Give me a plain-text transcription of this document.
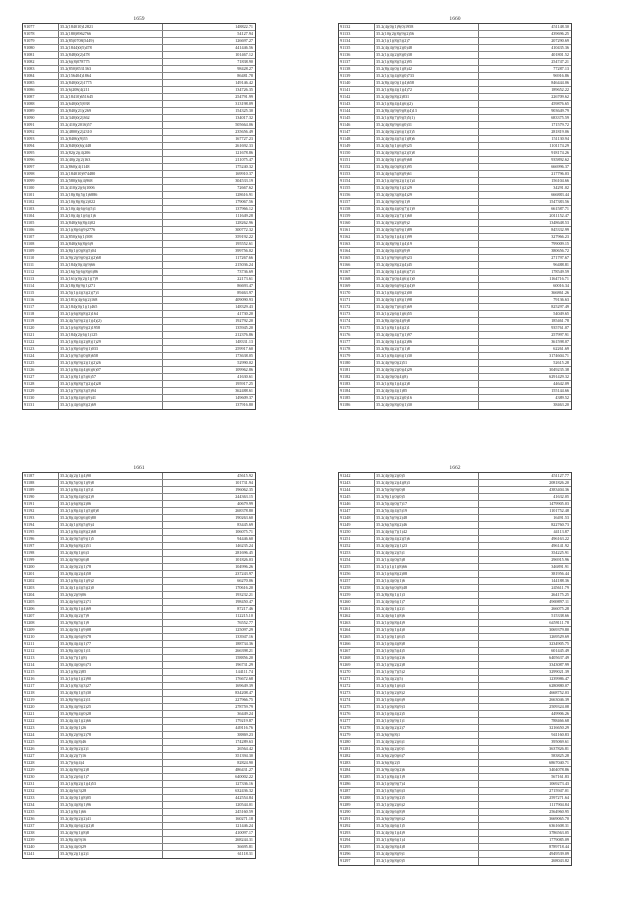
1659
91077	35.2(184010)12821	148822.71
91078	35.2(180)8962766	54127.94
91079	35.2(85)0708(5449)	126697.27
91080	35.2(1844)0(5)478	441446.56
91081	35.2(848)0(2)478	101467.12
91082	35.2(6)(8)078775	71838.90
91083	35.2(850)8531363	98428.27
91084	35.2(156404)1864	86481.78
91085	35.2(840)0(2)1775	149146.42
91086	35.2(6)208(4(211	134726.35
91087	35.2(18410)651645	254791.99
91088	35.2(640)0(5)938	313198.09
91089	35.2(840)(21)(269	154325.30
91090	35.2(340)0(2)362	134017.32
91091	35.2(410)(2016)57	505664.06
91092	35.2(4800)(2)2310	235656.49
91093	35.2(8406)(9)55	167727.23
91094	35.2(840)0(6)(448	261692.33
91095	35.2(82)(2)(4)206	121678.86
91096	35.2(40)(2)(2)163	211075.47
91097	35.2(860)(4)1148	175240.32
91098	35.2(184010)974480	169910.37
91099	35.2(580)(6)(4)968	304533.19
91100	35.2(410)(2)(6)1006	72667.62
91101	35.2(18)(8)(5)(1)6886	128616.91
91102	35.2(10)(8)(8)(2)022	179067.56
91103	35.2(10)(4)(6)(6)(5)1	137966.12
91104	35.2(10)(4)(1)(6)(1)6	111649.28
91105	35.2(840)(6)(8)(4)02	128262.96
91106	35.2(1)(8)(6)(9)2776	300772.32
91107	35.2(850)(6)(1)508	359192.22
91108	35.2(840)(6)(8)(6)9	195552.61
91109	35.2(8)(1)(0)(8)(5)04	399756.02
91110	35.2(9)(2)(9)(0)(2)(2)68	117267.66
91111	35.2(184)(0)(4)(9)66	215036.24
91112	35.2(16)(5)(6)(8)(6)86	73736.69
91113	35.2(161)(0)(2)(1)(7)9	22173.61
91114	35.2(18)(8)(9)(1)271	86693.47
91115	35.2(5)(1)(4)(3)(2)(7)3	89463.97
91116	35.2(181)(4)(6)(2)168	409090.93
91117	35.2(184)(0)(1)(1)465	148329.43
91118	35.2(1)(6)(8)(8)(2)164	41730.20
91119	35.2(4)(5)(9)(2)(1)(4)(2)	192792.20
91120	35.2(1)(6)(8)(9)(2)1958	135945.20
91121	35.2(184)(2)(6)(1)125	212376.86
91122	35.2(1)(8)(4)(2)(8)(1)29	148331.13
91123	35.2(1)(8)(6)(9)(1)033	259917.60
91124	35.2(1)(9)(5)(0)(8)658	173638.05
91125	35.2(1)(8)(9)(2)(1)(2)26	52990.02
91126	35.2(1)(8)(4)(4)(6)(6)07	109962.86
91127	35.2(1)(8)(1)(5)(6)57	41630.61
91128	35.2(1)(8)(8)(7)(2)(4)28	195917.25
91129	35.2(1)(7)(8)(3)(5)94	362488.61
91130	35.2(1)(8)(4)(6)(9)41	149609.37
91131	35.2(1)(4)(6)(8)(2)69	137916.80
1660
91132	35.2(4)(0)(1)9(0)1958	451148.30
91133	35.2(10)(2)(8)(9)(2)56	439696.25
91134	35.2(1)(1)(8)(5)(2)7	207290.69
91135	35.2(4)(4)(9)(2)(0)48	410435.36
91136	35.2(1)(4)(2)(8)(0)38	401801.52
91137	35.2(1)(8)(8)(5)(2)95	254747.21
91138	35.2(8)(4)(0)(1)(8)42	77287.13
91139	35.2(1)(3)(4)(8)(0)733	96916.86
91140	35.2(8)(4)(0)(1)(4)658	846444.06
91141	35.2(1)(8)(4)(1)(4)72	189652.22
91142	35.2(4)(0)(8)(2)831	226709.62
91143	35.2(1)(8)(4)(4)(6)(2)	459876.65
91144	35.2(8)(4)(9)(9)(8)(4)13	903649.79
91145	35.2(1)(8)(7)(9)(5)5(1)	683375.59
91146	35.2(4)(8)(9)(6)(0)31	171579.72
91147	35.2(4)(0)(2)(6)(1)(3)5	281819.06
91148	35.2(4)(0)(4)(5)(1)(8)6	151130.94
91149	35.2(4)(5)(1)(6)(9)25	1101174.29
91150	35.2(4)(0)(8)(5)(2)(5)8	918174.26
91151	35.2(4)(0)(1)(6)(9)68	935892.62
91152	35.2(8)(4)(0)(8)(3)95	666996.37
91153	35.2(4)(6)(5)(8)(9)61	217796.03
91154	35.2(1)(4)(9)(2)(1)(1)4	156104.66
91155	35.2(4)(0)(8)(1)(2)29	34291.02
91156	35.2(4)(0)(3)(8)(4)29	666883.44
91157	35.2(4)(9)(0)(9)(1)9	1547383.56
91158	35.2(4)(8)(4)(0)(7)(1)9	661587.71
91159	35.2(4)(0)(2)(7)(1)60	2011152.47
91160	35.2(4)(9)(2)(8)(9)2	1348648.53
91161	35.2(4)(0)(5)(9)(1)89	845332.99
91162	35.2(5)(0)(1)(4)(1)99	327966.23
91163	35.2(4)(8)(9)(1)(4)19	799009.15
91164	35.2(4)(0)(4)(8)(9)9	380656.72
91165	35.2(1)(9)(9)(6)(9)23	271797.67
91166	35.2(4)(0)(8)(2)(4)45	96488.81
91167	35.2(4)(0)(1)(4)(6)(7)3	178549.59
91168	35.2(4)(7)(0)(4)(6)(1)0	1164716.71
91169	35.2(4)(0)(6)(9)(2)(4)9	60016.34
91170	35.2(1)(8)(4)(9)(2)00	366861.26
91171	35.2(4)(0)(1)(8)(1)98	79136.63
91172	35.2(4)(0)(7)(6)(5)69	825297.49
91173	35.2(1)(2)(6)(1)(6)55	54049.65
91174	35.2(8)(4)(0)(4)(9)8	185461.78
91175	35.2(1)(8)(1)(4)(2)1	935761.07
91176	35.2(4)(0)(4)(7)(1)97	257997.91
91177	35.2(4)(0)(1)(4)(2)86	361598.07
91178	35.2(8)(4)(2)(7)(1)8	62261.69
91179	35.2(1)(8)(4)(6)(1)30	3174604.71
91180	35.2(4)(9)(0)(2)51	52615.28
91181	35.2(4)(0)(2)(0)(4)29	3049235.38
91182	35.2(4)(0)(0)(4)(8)	6291429.32
91183	35.2(1)(8)(1)(4)(2)8	44642.09
91184	35.2(4)(0)(4)(1)85	155144.66
91185	35.2(1)(9)(2)(2)(0)16	4389.52
91186	35.2(4)(0)(8)(0)(1)30	38463.20
1661
91187	35.2(4)(2)(1)(4)90	45615.92
91188	35.2(8)(5)(0)(1)(9)8	101731.94
91189	35.2(1)(8)(4)(1)(5)1	196062.35
91190	35.2(5)(8)(4)(0)(2)9	244363.15
91191	35.2(1)(6)(8)(2)06	40679.99
91192	35.2(1)(8)(4)(1)(5)(0)8	268378.80
91193	35.2(8)(4)(0)(6)(0)80	190263.60
91194	35.2(4)(1)(8)(5)(9)4	83445.69
91195	35.2(1)(8)(4)(8)(2)68	106075.71
91196	35.2(4)(0)(5)(9)(1)5	94446.60
91197	35.2(8)(6)(8)(2)51	146235.24
91198	35.2(4)(8)(1)(6)3	281696.45
91199	35.2(4)(9)(0)(6)8	101826.03
91200	35.2(4)(0)(2)(1)78	104996.26
91201	35.2(8)(4)(2)(4)58	237243.97
91202	35.2(1)(8)(4)(1)(9)2	66270.06
91203	35.2(4)(1)(4)(5)(2)0	170616.20
91204	35.2(6)(2)(9)06	193232.21
91205	35.2(4)(6)(9)(2)71	198450.47
91206	35.2(4)(8)(1)(4)69	87217.46
91207	35.2(8)(4)(2)(7)9	112215.10
91208	35.2(9)(8)(5)(1)9	76552.77
91209	35.2(4)(0)(1)(9)08	125097.29
91210	35.2(8)(4)(6)(9)78	133947.16
91211	35.2(8)(4)(4)(1)77	188734.36
91212	35.2(8)(4)(0)(1)11	266398.21
91213	35.2(6)(7)(1)(8)	158856.20
91214	35.2(8)(4)(0)(6)73	196731.29
91215	35.2(1)(8)(2)85	144111.74
91216	35.2(1)(6)(1)(2)90	176672.68
91217	35.2(1)(8)(3)(3)27	169649.39
91218	35.2(4)(8)(1)(5)30	834208.47
91219	35.2(8)(9)(6)(2)11	227966.75
91220	35.2(8)(4)(9)(2)25	278759.79
91221	35.2(8)(9)(4)(0)28	36449.24
91222	35.2(4)(4)(1)(2)66	179219.87
91223	35.2(4)(0)(1)26	449116.76
91224	35.2(8)(2)(9)(2)78	38869.23
91225	35.2(8)(4)(8)46	174289.63
91226	35.2(4)(0)(2)(2)1	26564.42
91227	35.2(4)(2)(7)16	351394.30
91228	35.2(7)(6)(4)4	82824.90
91229	35.2(4)(8)(9)(2)8	486431.27
91230	35.2(5)(2)(6)(1)7	640002.22
91231	35.2(1)(8)(2)(1)(4)53	127336.16
91232	35.2(4)(6)(3)28	632436.32
91233	35.2(4)(0)(1)(8)05	442554.84
91234	35.2(5)(4)(8)(1)96	120544.01
91235	35.2(1)(8)(1)66	245160.59
91236	35.2(4)(0)(2)(2)41	160271.18
91237	35.2(8)(4)(6)(2)(2)8	121446.24
91238	35.2(4)(9)(1)(8)8	410097.17
91239	35.2(8)(4)(9)16	268244.31
91240	35.2(6)(4)(0)29	36695.81
91241	35.2(9)(2)(1)(2)1	61118.31
1662
91242	35.2(4)(0)(2)(0)5	451127.77
91243	35.2(4)(0)(2)(4)(8)3	2081826.20
91244	35.2(5)(0)(9)(0)8	4383404.36
91245	35.2(9)(1)(0)(0)5	41632.05
91246	35.2(5)(4)(0)(7)17	1479905.03
91247	35.2(5)(4)(4)(5)19	1101752.48
91248	35.2(4)(5)(9)(2)48	16491.53
91249	35.2(6)(5)(8)(2)46	822760.73
91250	35.2(4)(6)(7)(1)42	44113.87
91251	35.2(4)(0)(4)(2)(5)6	496163.22
91252	35.2(4)(0)(2)(1)23	496141.92
91253	35.2(4)(0)(2)(5)1	354225.91
91254	35.2(1)(4)(0)(5)8	296915.96
91255	35.2(1)(1)(1)(8)66	346891.91
91256	35.2(1)(6)(8)(2)08	381956.44
91257	35.2(1)(4)(0)(1)6	144188.36
91258	35.2(4)(6)(0)(8)48	245611.79
91259	35.2(8)(8)(1)(1)3	264175.25
91260	35.2(4)(0)(6)(1)7	4969897.11
91261	35.2(4)(0)(1)(2)1	266075.28
91262	35.2(4)(6)(1)(8)6	515338.66
91263	35.2(1)(0)(8)(4)9	6459111.78
91264	35.2(1)(0)(1)(4)0	3069379.80
91265	35.2(1)(0)(1)(6)5	1269529.69
91266	35.2(1)(0)(4)(8)8	3234905.75
91267	35.2(1)(0)(5)(4)5	601445.49
91268	35.2(1)(0)(6)(2)6	6405637.49
91269	35.2(1)(9)(2)(2)8	3343087.99
91270	35.2(1)(0)(7)(5)2	3299021.39
91271	35.2(5)(4)(2)(5)	1239986.47
91272	35.2(1)(8)(1)(6)3	6280880.07
91273	35.2(1)(0)(2)(8)2	4668752.03
91274	35.2(1)(0)(4)(6)9	2663046.39
91275	35.2(1)(0)(8)(9)3	2509324.08
91276	35.2(1)(0)(4)(2)5	449906.26
91277	35.2(1)(0)(9)(1)1	788466.68
91278	35.2(4)(0)(2)(2)7	3216650.29
91279	35.2(6)(9)(8)1	941160.83
91280	35.2(4)(0)(2)(6)1	395069.61
91281	35.2(6)(4)(2)(0)1	3637826.81
91282	35.2(6)(2)(0)(6)7	583825.28
91283	35.2(6)(8)(2)5	6867040.71
91284	35.2(9)(4)(0)(2)6	3404078.86
91285	35.2(1)(8)(4)(1)9	567161.83
91286	35.2(1)(0)(9)(7)4	1069273.43
91287	35.2(1)(8)(5)(6)3	2715947.01
91288	35.2(1)(0)(9)(2)5	2597271.64
91289	35.2(1)(0)(2)(6)2	1117904.84
91290	35.2(4)(0)(6)(8)9	2564960.95
91291	35.2(6)(0)(9)(6)2	3669065.70
91292	35.2(5)(4)(6)(1)5	6361608.31
91293	35.2(4)(0)(1)(4)9	3786563.05
91294	35.2(1)(8)(6)(1)4	1779085.09
91295	35.2(4)(0)(8)(4)8	8789718.44
91296	35.2(4)(0)(8)(9)1	4949539.09
91297	35.2(1)(0)(8)(0)5	268043.82
